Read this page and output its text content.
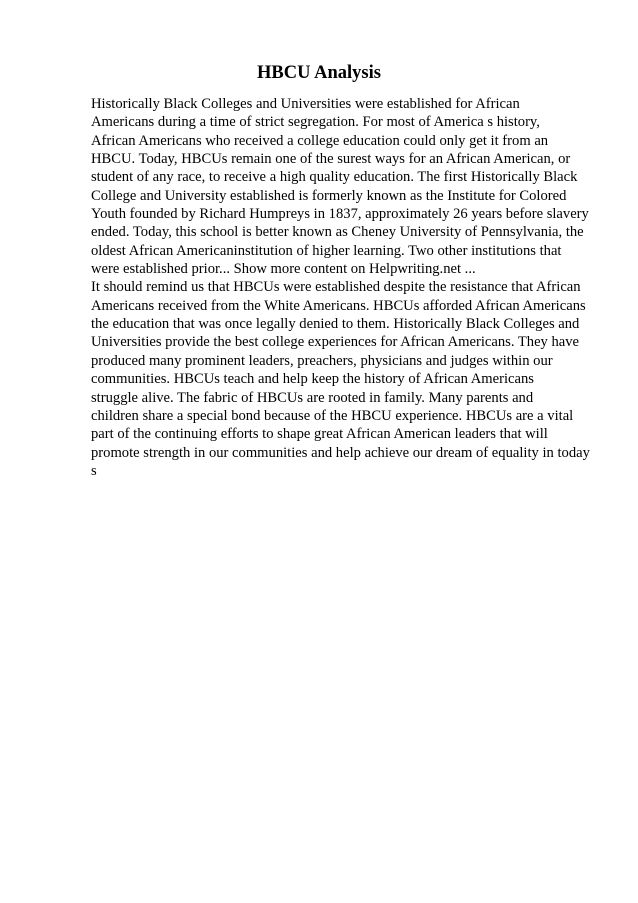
HBCU Analysis
Historically Black Colleges and Universities were established for African
Americans during a time of strict segregation. For most of America s history,
African Americans who received a college education could only get it from an
HBCU. Today, HBCUs remain one of the surest ways for an African American, or
student of any race, to receive a high quality education. The first Historically Black
College and University established is formerly known as the Institute for Colored
Youth founded by Richard Humpreys in 1837, approximately 26 years before slavery
ended. Today, this school is better known as Cheney University of Pennsylvania, the
oldest African Americaninstitution of higher learning. Two other institutions that
were established prior... Show more content on Helpwriting.net ...
It should remind us that HBCUs were established despite the resistance that African
Americans received from the White Americans. HBCUs afforded African Americans
the education that was once legally denied to them. Historically Black Colleges and
Universities provide the best college experiences for African Americans. They have
produced many prominent leaders, preachers, physicians and judges within our
communities. HBCUs teach and help keep the history of African Americans
struggle alive. The fabric of HBCUs are rooted in family. Many parents and
children share a special bond because of the HBCU experience. HBCUs are a vital
part of the continuing efforts to shape great African American leaders that will
promote strength in our communities and help achieve our dream of equality in today
s
